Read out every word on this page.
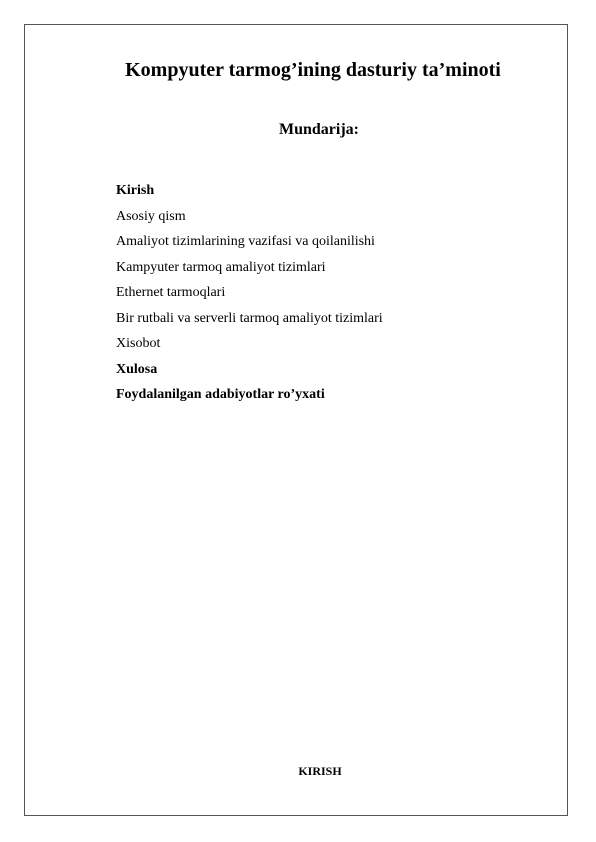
Kompyuter tarmog’ining dasturiy ta’minoti
Mundarija:
Kirish
Asosiy qism
Amaliyot tizimlarining vazifasi va qoilanilishi
Kampyuter tarmoq amaliyot tizimlari
Ethernet tarmoqlari
Bir rutbali va serverli tarmoq amaliyot tizimlari
Xisobot
Xulosa
Foydalanilgan adabiyotlar ro’yxati
KIRISH
